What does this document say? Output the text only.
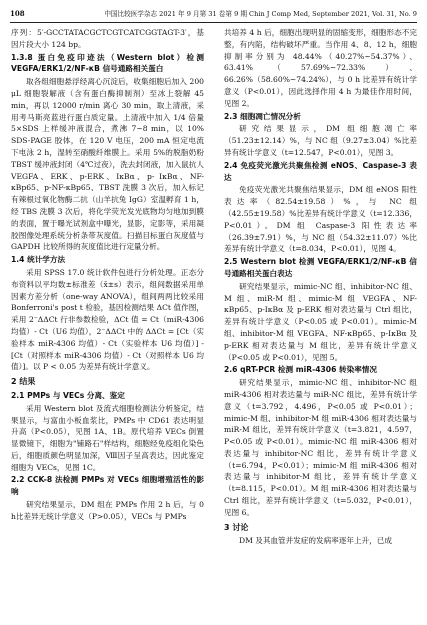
108	中国比较医学杂志 2021 年 9 月第 31 卷第 9 期 Chin J Comp Med, September 2021, Vol. 31, No. 9

序列：5′-GCCTATACGCTCGTCATCGGTAGT-3′，基因片段大小 124 bp。

1.3.8 蛋白免疫印迹法（Western blot）检测 VEGFA/ERK1/2/NF-κB 信号通路相关蛋白

取各组细胞悬浮经离心沉淀后，收集细胞后加入 200 μL 细胞裂解液（含有蛋白酶抑制剂）至冰上裂解 45 min，再以 12000 r/min 离心 30 min，取上清液，采用考马斯亮蓝进行蛋白质定量。上清液中加入 1/4 倍量 5×SDS 上样缓冲液混合，煮沸 7~8 min，以 10% SDS-PAGE 胶体，在 120 V 电压，200 mA 恒定电流下电泳 2 h，湿转至硝酸纤维膜上。采用 5%的脱脂奶粉 TBST 缓冲液封闭（4℃过夜），洗去封闭液，加入鼠抗人 VEGFA、ERK、p-ERK、IκBα、p- IκBα、NF-κBp65、p-NF-κBp65、TBST 洗膜 3 次后，加入标记有辣根过氧化物酶二抗（山羊抗兔 IgG）室温孵育 1 h，经 TBS 洗膜 3 次后，将化学荧光发光底物均匀地加到膜的表面，置于曝光试剂盒中曝光，显影，定影等，采用凝胶图像处理系统分析条带灰度值。扫描目标蛋白灰度值与 GAPDH 比较所得的灰度值比进行定量分析。

1.4 统计学方法

采用 SPSS 17.0 统计软件包进行分析处理。正态分布资料以平均数±标准差（x̄±s）表示，组间数据采用单因素方差分析（one-way ANOVA），组间两两比较采用 Bonferroni's post t 检验，基因检测结果 ΔCt 值作图，采用 2⁻ΔΔCt 行非参数检验，ΔCt 值 = Ct（miR-4306 均值）- Ct（U6 均值），2⁻ΔΔCt 中的 ΔΔCt = [Ct（实验样本 miR-4306 均值）- Ct（实验样本 U6 均值）] - [Ct（对照样本 miR-4306 均值）- Ct（对照样本 U6 均值）]。以 P < 0.05 为差异有统计学意义。

2 结果
2.1 PMPs 与 VECs 分离、鉴定

采用 Western blot 及流式细胞检测法分析鉴定，结果显示，与富血小板血浆比，PMPs 中 CD61 表达明显升高（P<0.05），见图 1A、1B。原代培养 VECs 倒置显微镜下，细胞为"铺路石"样结构，细胞经免疫组化染色后，细胞质颜色明显加深，Ⅷ因子呈高表达，因此鉴定细胞为 VECs，见图 1C。

2.2 CCK-8 法检测 PMPs 对 VECs 细胞增殖活性的影响

研究结果显示，DM 组在 PMPs 作用 2 h 后，与 0 h比差异无统计学意义（P>0.05），VECs 与 PMPs

共培养 4 h 后，细胞出现明显的固缩变形，细胞形态不完整，有内陷，结构破坏严重。当作用 4、8、12 h，细胞抑制率分别为 48.44%（40.27%~54.37%）、63.41%（57.69%~72.33%）、66.26%（58.60%~74.24%），与 0 h 比差异有统计学意义（P<0.01），因此选择作用 4 h 为最佳作用时间，见图 2。

2.3 细胞凋亡情况分析

研究结果显示，DM 组细胞凋亡率（51.23±12.14）%，与 NC 组（9.27±3.04）%比差异有统计学意义（t=12.547，P<0.01），见图 3。

2.4 免疫荧光激光共聚焦检测 eNOS、Caspase-3 表达

免疫荧光激光共聚焦结果显示，DM 组 eNOS 阳性表达率（82.54±19.58）%，与 NC 组（42.55±19.58）%比差异有统计学意义（t=12.336，P<0.01）。DM 组 Caspase-3 阳性表达率（26.39±7.91）%，与 NC 组（54.32±11.07）%比差异有统计学意义（t=8.034，P<0.01），见图 4。

2.5 Western blot 检测 VEGFA/ERK1/2/NF-κB 信号通路相关蛋白表达

研究结果显示，mimic-NC 组、inhibitor-NC 组、M 组、miR-M 组、mimic-M 组 VEGFA、NF-κBp65、p-IκBα 及 p-ERK 相对表达量与 Ctrl 组比，差异有统计学意义（P<0.05 或 P<0.01）。mimic-M 组、inhibitor-M 组 VEGFA、NF-κBp65、p-IκBα 及 p-ERK 相对表达量与 M 组比，差异有统计学意义（P<0.05 或 P<0.01），见图 5。

2.6 qRT-PCR 检测 miR-4306 转染率情况

研究结果显示，mimic-NC 组、inhibitor-NC 组 miR-4306 相对表达量与 miR-NC 组比，差异有统计学意义（t=3.792，4.496，P<0.05 或 P<0.01）；mimic-M 组、inhibitor-M 组 miR-4306 相对表达量与 miR-M 组比，差异有统计学意义（t=3.821，4.597，P<0.05 或 P<0.01）。mimic-NC 组 miR-4306 相对表达量与 inhibitor-NC 组比，差异有统计学意义（t=6.794，P<0.01）；mimic-M 组 miR-4306 相对表达量与 inhibitor-M 组比，差异有统计学意义（t=8.115，P<0.01）。M 组 miR-4306 相对表达量与 Ctrl 组比，差异有统计学意义（t=5.032，P<0.01），见图 6。

3 讨论

DM 及其血管并发症的发病率逐年上升，已成
